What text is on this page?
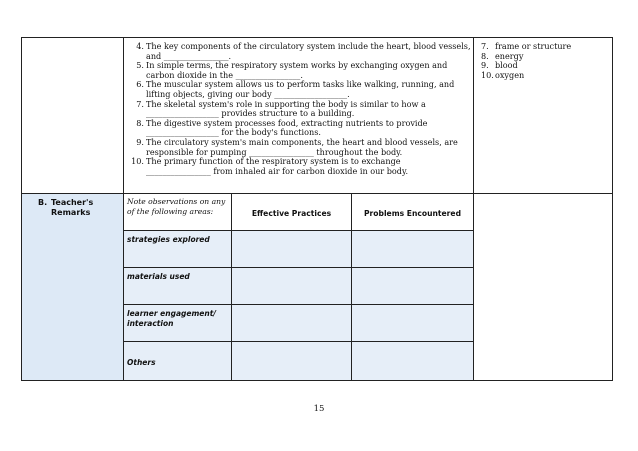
4. The key components of the circulatory system include the heart, blood vessels,
and ________________.
5. In simple terms, the respiratory system works by exchanging oxygen and
carbon dioxide in the ________________.
6. The muscular system allows us to perform tasks like walking, running, and
lifting objects, giving our body __________________.
7. The skeletal system's role in supporting the body is similar to how a
__________________ provides structure to a building.
8. The digestive system processes food, extracting nutrients to provide
__________________ for the body's functions.
9. The circulatory system's main components, the heart and blood vessels, are
responsible for pumping ________________ throughout the body.
10. The primary function of the respiratory system is to exchange
________________ from inhaled air for carbon dioxide in our body.
7. frame or structure
8. energy
9. blood
10. oxygen
B. Teacher's
Remarks
Note observations on any of the following areas:	Effective Practices	Problems Encountered
strategies explored
materials used
learner engagement/ interaction
Others
15
